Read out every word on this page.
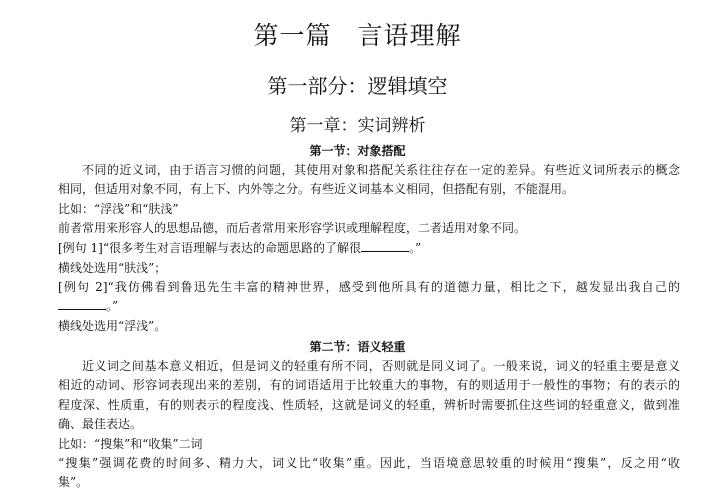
第一篇　言语理解
第一部分：逻辑填空
第一章：实词辨析
第一节：对象搭配
不同的近义词，由于语言习惯的问题，其使用对象和搭配关系往往存在一定的差异。有些近义词所表示的概念
相同，但适用对象不同，有上下、内外等之分。有些近义词基本义相同，但搭配有别，不能混用。
比如：“浮浅”和“肤浅”
前者常用来形容人的思想品德，而后者常用来形容学识或理解程度，二者适用对象不同。
[例句 1]“很多考生对言语理解与表达的命题思路的了解很	。”
横线处选用“肤浅”；
[例句 2]“我仿佛看到鲁迅先生丰富的精神世界，感受到他所具有的道德力量，相比之下，越发显出我自己的
。”
横线处选用“浮浅”。
第二节：语义轻重
近义词之间基本意义相近，但是词义的轻重有所不同，否则就是同义词了。一般来说，词义的轻重主要是意义
相近的动词、形容词表现出来的差别，有的词语适用于比较重大的事物，有的则适用于一般性的事物；有的表示的
程度深、性质重，有的则表示的程度浅、性质轻，这就是词义的轻重，辨析时需要抓住这些词的轻重意义，做到准
确、最佳表达。
比如：“搜集”和“收集”二词
“搜集”强调花费的时间多、精力大，词义比“收集”重。因此，当语境意思较重的时候用“搜集”，反之用“收
集”。
